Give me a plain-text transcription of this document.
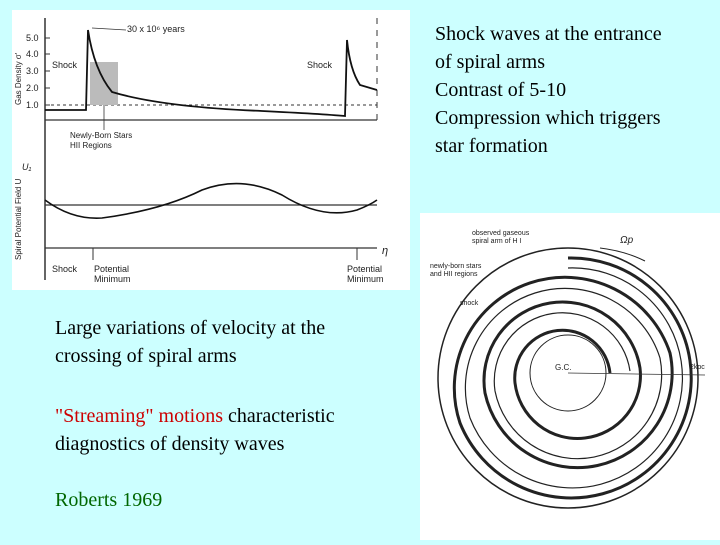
5.0
4.0
3.0
2.0
1.0
Gas Density σ'
Spiral Potential Field U
30 x 10⁶ years
Shock	Shock
Newly-Born Stars
HII Regions
Shock Potential
Minimum
Potential
Minimum
η
U₁
Shock waves at the entrance
of spiral arms
Contrast of 5-10
Compression which triggers
star formation
G.C.	2kpc
observed gaseous
spiral arm of H I
newly-born stars
and HII regions
shock
Ωp
Large variations of velocity at the
crossing of spiral arms
"Streaming" motions characteristic
diagnostics of density waves
Roberts 1969
